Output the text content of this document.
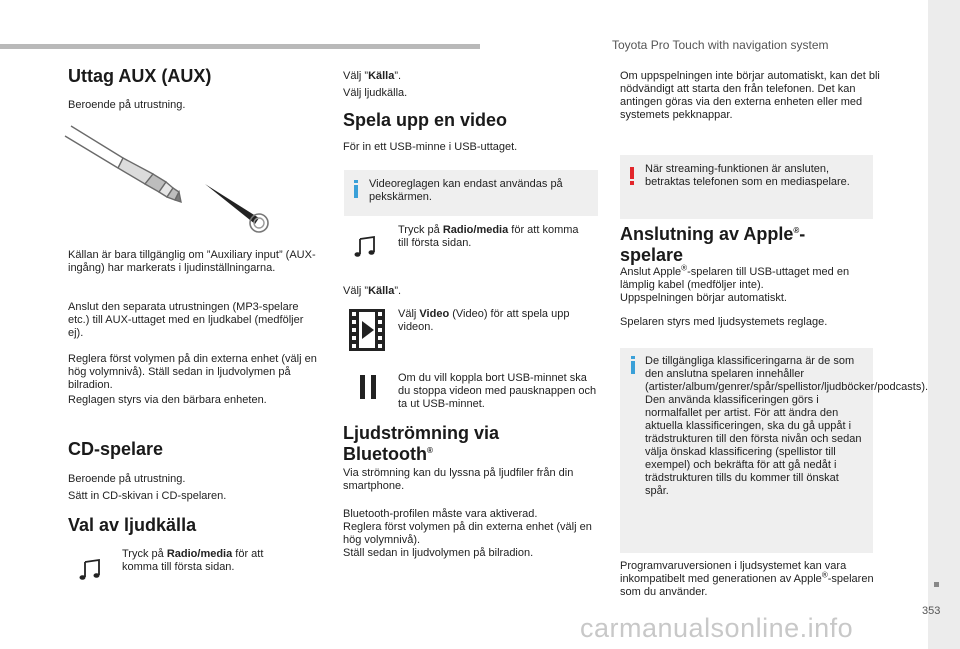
Toyota Pro Touch with navigation system
353
Uttag AUX (AUX)

Beroende på utrustning.

Källan är bara tillgänglig om ”Auxiliary input” (AUX-ingång) har markerats i ljudinställningarna.

Anslut den separata utrustningen (MP3-spelare etc.) till AUX-uttaget med en ljudkabel (medföljer ej).

Reglera först volymen på din externa enhet (välj en hög volymnivå). Ställ sedan in ljudvolymen på bilradion.

Reglagen styrs via den bärbara enheten.

CD-spelare

Beroende på utrustning.

Sätt in CD-skivan i CD-spelaren.

Val av ljudkälla

Tryck på Radio/media för att komma till första sidan.

Välj ”Källa”.

Välj ljudkälla.

Spela upp en video

För in ett USB-minne i USB-uttaget.

Videoreglagen kan endast användas på pekskärmen.

Tryck på Radio/media för att komma till första sidan.

Välj ”Källa”.

Välj Video (Video) för att spela upp videon.

Om du vill koppla bort USB-minnet ska du stoppa videon med pausknappen och ta ut USB-minnet.

Ljudströmning via
Bluetooth®

Via strömning kan du lyssna på ljudfiler från din smartphone.

Bluetooth-profilen måste vara aktiverad.

Reglera först volymen på din externa enhet (välj en hög volymnivå).

Ställ sedan in ljudvolymen på bilradion.

Om uppspelningen inte börjar automatiskt, kan det bli nödvändigt att starta den från telefonen. Det kan antingen göras via den externa enheten eller med systemets pekknappar.

När streaming-funktionen är ansluten, betraktas telefonen som en mediaspelare.

Anslutning av Apple®-
spelare

Anslut Apple®-spelaren till USB-uttaget med en lämplig kabel (medföljer inte).

Uppspelningen börjar automatiskt.

Spelaren styrs med ljudsystemets reglage.

De tillgängliga klassificeringarna är de som den anslutna spelaren innehåller (artister/album/genrer/spår/spellistor/ljudböcker/podcasts).
Den använda klassificeringen görs i normalfallet per artist. För att ändra den aktuella klassificeringen, ska du gå uppåt i trädstrukturen till den första nivån och sedan välja önskad klassificering (spellistor till exempel) och bekräfta för att gå nedåt i trädstrukturen tills du kommer till önskat spår.

Programvaruversionen i ljudsystemet kan vara inkompatibelt med generationen av Apple®-spelaren som du använder.

carmanualsonline.info
